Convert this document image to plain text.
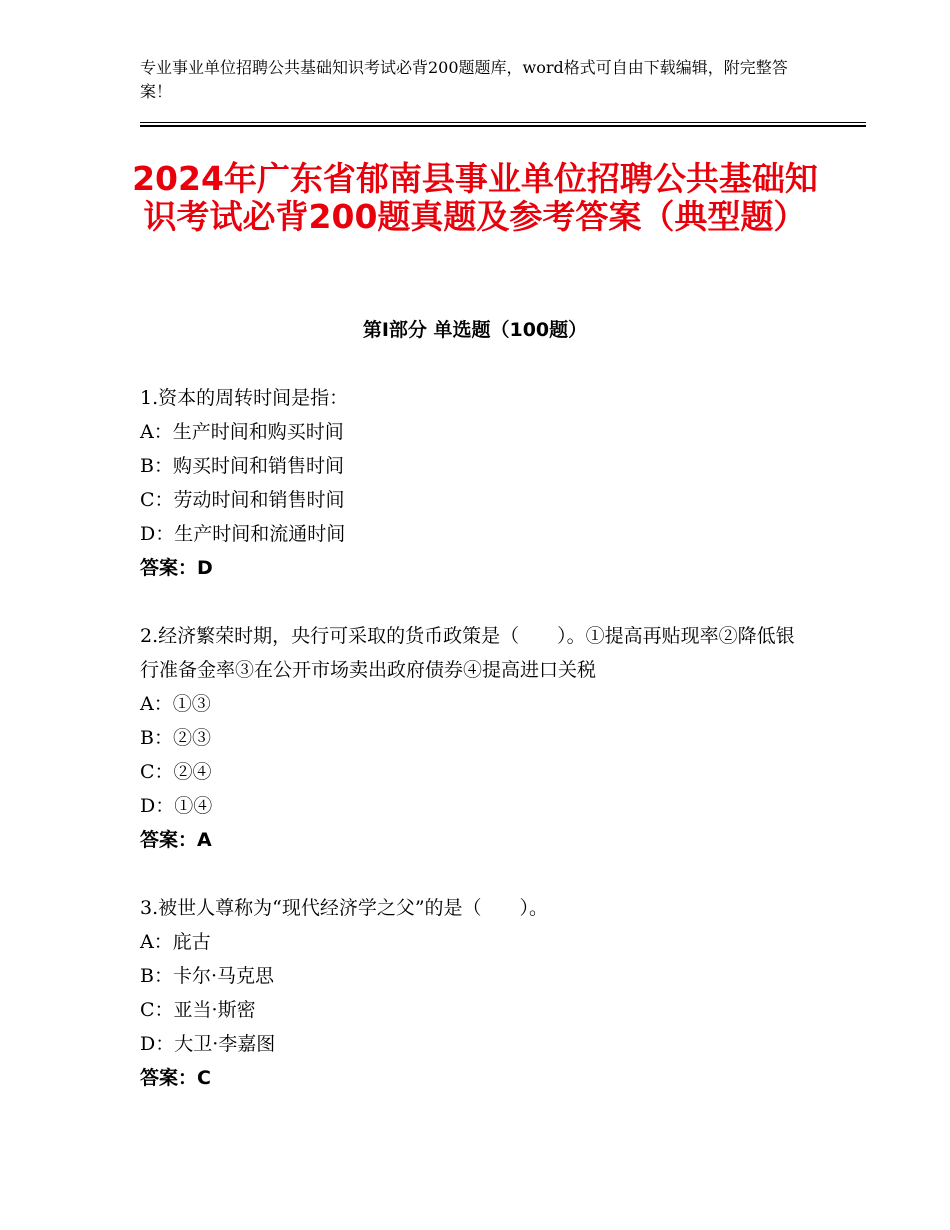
专业事业单位招聘公共基础知识考试必背200题题库，word格式可自由下载编辑，附完整答案！
2024年广东省郁南县事业单位招聘公共基础知识考试必背200题真题及参考答案（典型题）
第Ⅰ部分 单选题（100题）
1.资本的周转时间是指：
A：生产时间和购买时间
B：购买时间和销售时间
C：劳动时间和销售时间
D：生产时间和流通时间
答案：D
2.经济繁荣时期，央行可采取的货币政策是（　　）。①提高再贴现率②降低银行准备金率③在公开市场卖出政府债券④提高进口关税
A：①③
B：②③
C：②④
D：①④
答案：A
3.被世人尊称为“现代经济学之父”的是（　　）。
A：庇古
B：卡尔·马克思
C：亚当·斯密
D：大卫·李嘉图
答案：C
